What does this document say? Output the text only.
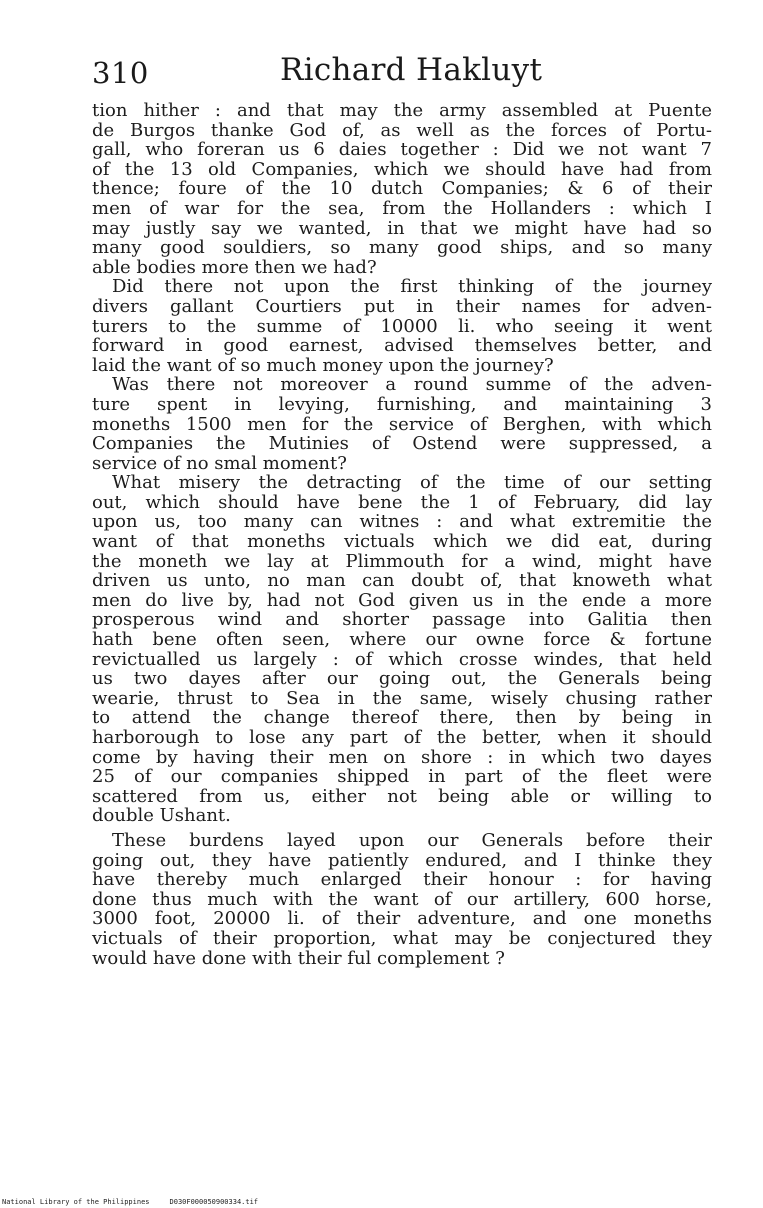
310	Richard Hakluyt
tion hither : and that may the army assembled at Puente
de Burgos thanke God of, as well as the forces of Portu-
gall, who foreran us 6 daies together : Did we not want 7
of the 13 old Companies, which we should have had from
thence; foure of the 10 dutch Companies; & 6 of their
men of war for the sea, from the Hollanders : which I
may justly say we wanted, in that we might have had so
many good souldiers, so many good ships, and so many
able bodies more then we had?
Did there not upon the first thinking of the journey
divers gallant Courtiers put in their names for adven-
turers to the summe of 10000 li. who seeing it went
forward in good earnest, advised themselves better, and
laid the want of so much money upon the journey?
Was there not moreover a round summe of the adven-
ture spent in levying, furnishing, and maintaining 3
moneths 1500 men for the service of Berghen, with which
Companies the Mutinies of Ostend were suppressed, a
service of no smal moment?
What misery the detracting of the time of our setting
out, which should have bene the 1 of February, did lay
upon us, too many can witnes : and what extremitie the
want of that moneths victuals which we did eat, during
the moneth we lay at Plimmouth for a wind, might have
driven us unto, no man can doubt of, that knoweth what
men do live by, had not God given us in the ende a more
prosperous wind and shorter passage into Galitia then
hath bene often seen, where our owne force & fortune
revictualled us largely : of which crosse windes, that held
us two dayes after our going out, the Generals being
wearie, thrust to Sea in the same, wisely chusing rather
to attend the change thereof there, then by being in
harborough to lose any part of the better, when it should
come by having their men on shore : in which two dayes
25 of our companies shipped in part of the fleet were
scattered from us, either not being able or willing to
double Ushant.
These burdens layed upon our Generals before their
going out, they have patiently endured, and I thinke they
have thereby much enlarged their honour : for having
done thus much with the want of our artillery, 600 horse,
3000 foot, 20000 li. of their adventure, and one moneths
victuals of their proportion, what may be conjectured they
would have done with their ful complement ?
National Library of the Philippines	D030F000050900334.tif
